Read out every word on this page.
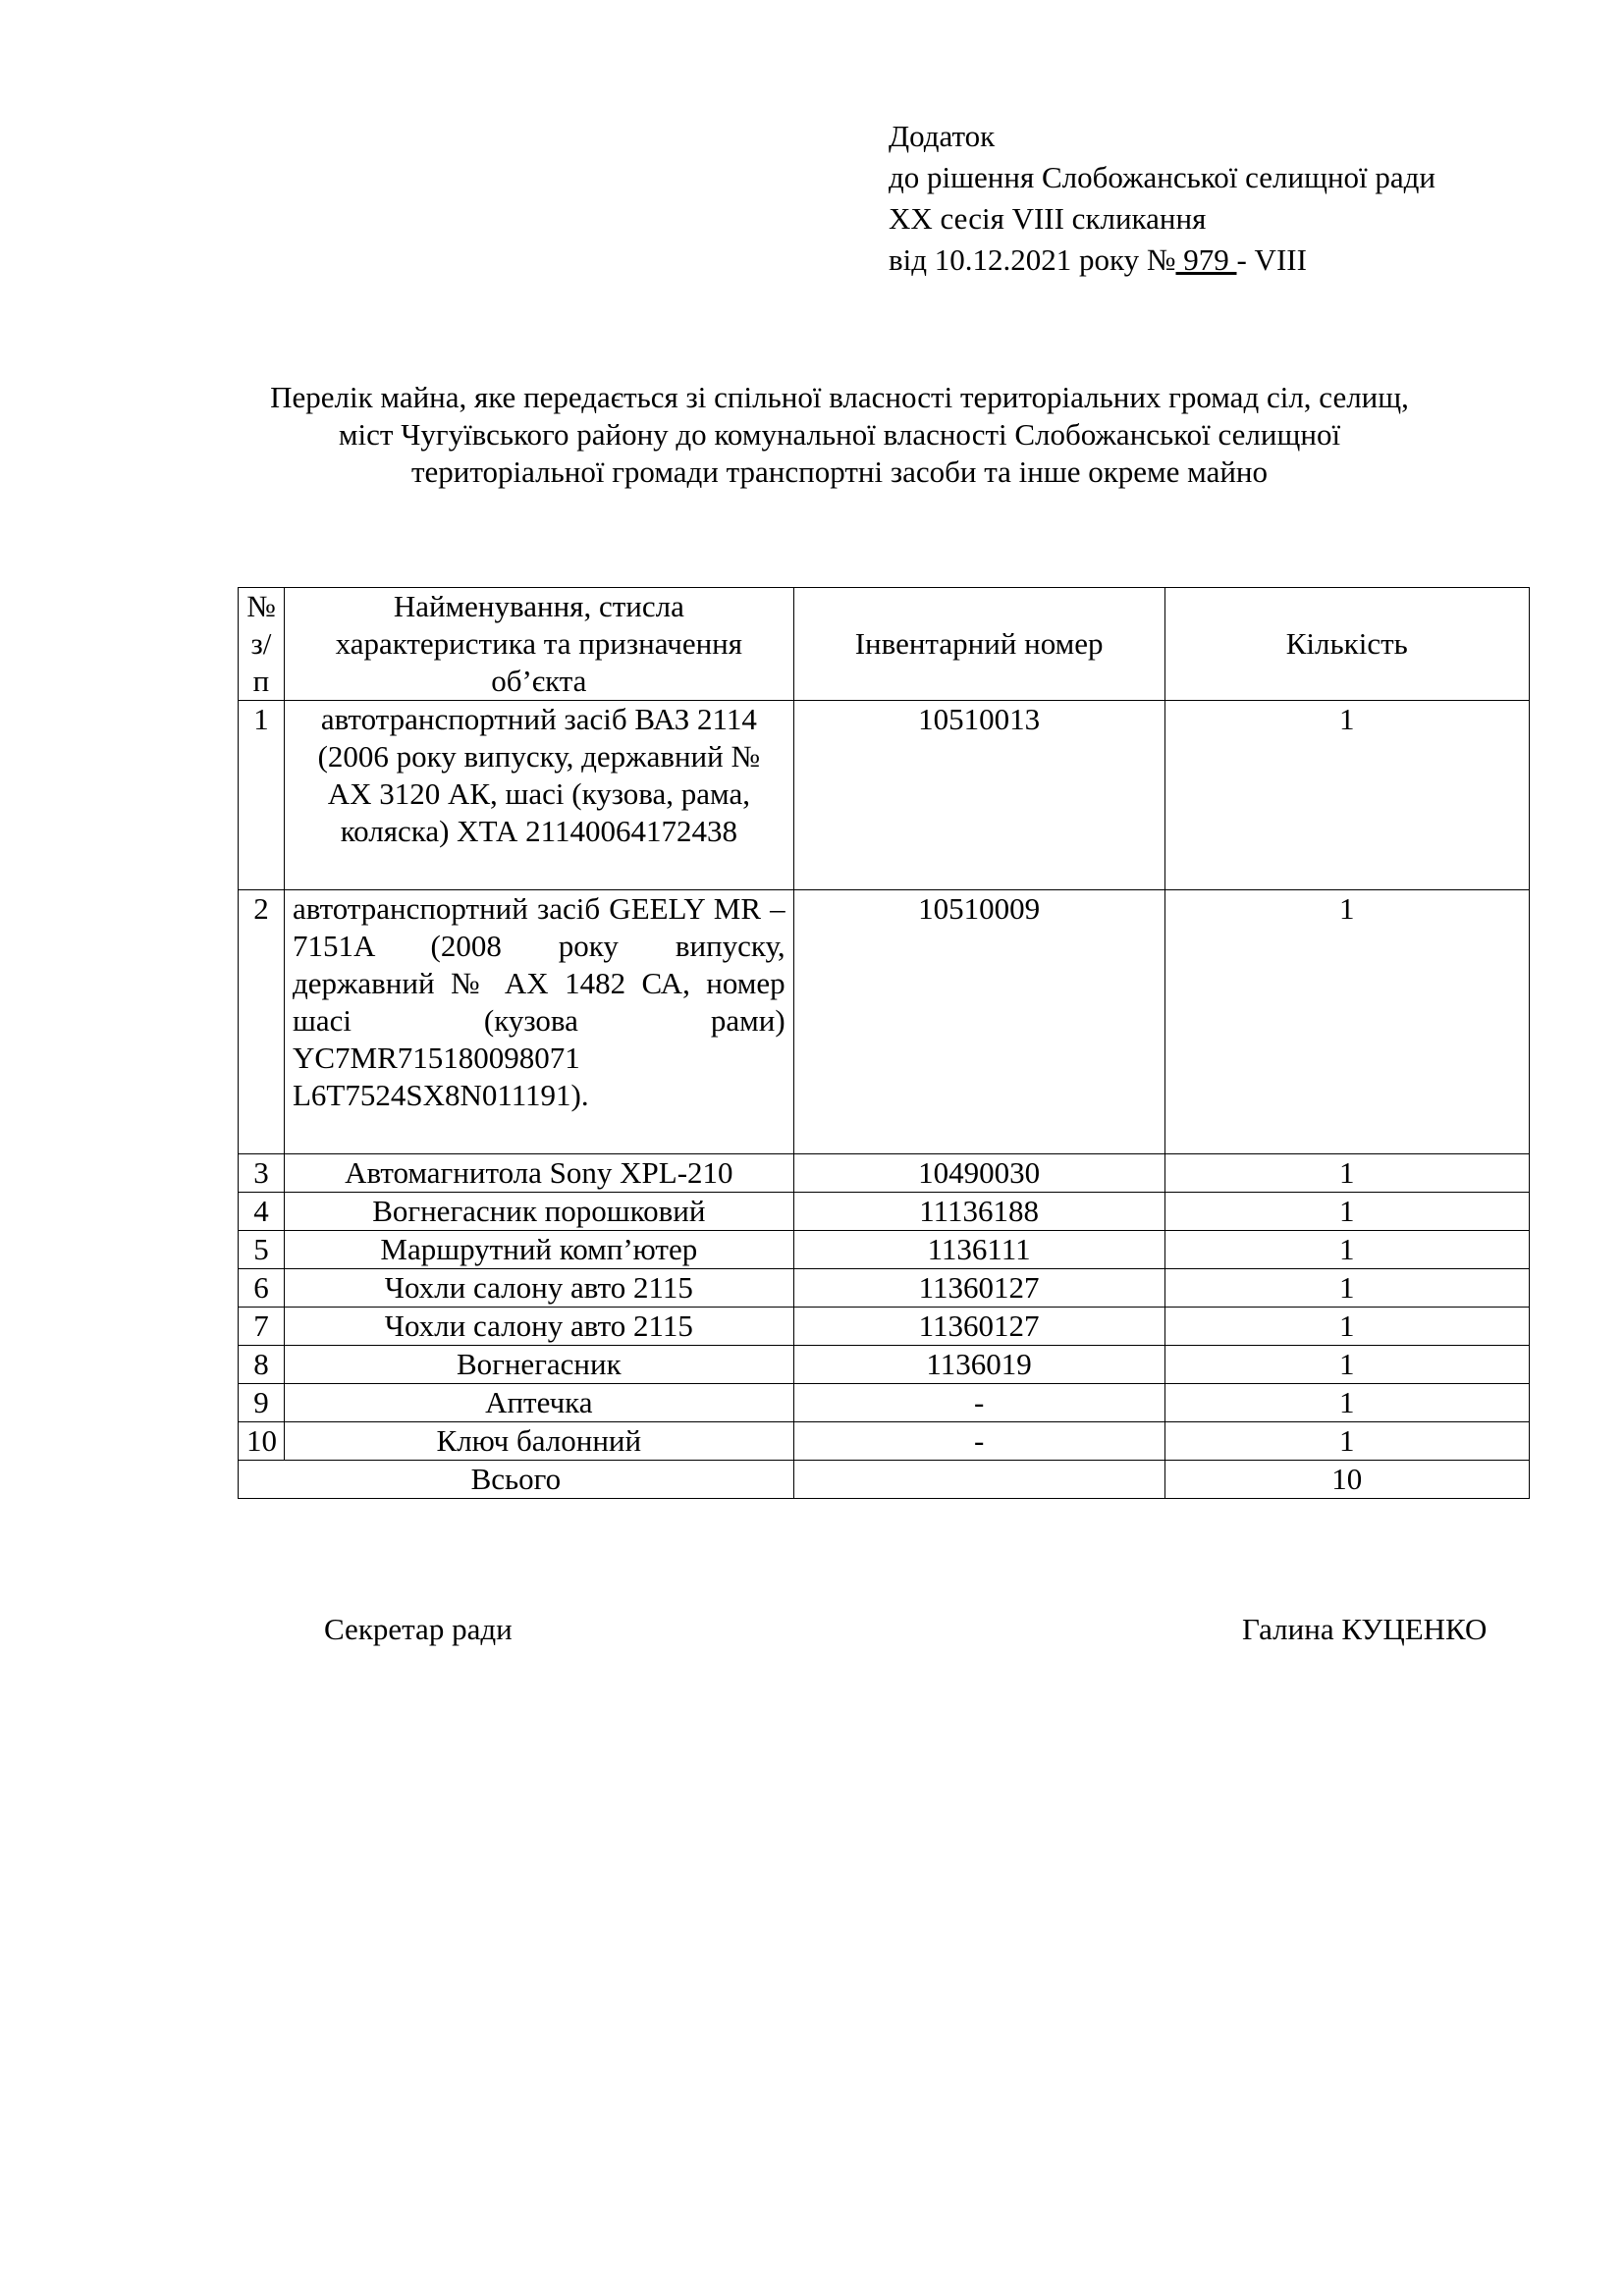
Додаток
до рішення Слобожанської селищної ради
XX сесія VIII скликання
від 10.12.2021 року № 979 - VIII
Перелік майна, яке передається зі спільної власності територіальних громад сіл, селищ,
міст Чугуївського району до комунальної власності Слобожанської селищної
територіальної громади транспортні засоби та інше окреме майно
№ з/п	Найменування, стисла характеристика та призначення об’єкта	Інвентарний номер	Кількість
1	автотранспортний засіб ВАЗ 2114 (2006 року випуску, державний № АХ 3120 АК, шасі (кузова, рама, коляска) ХТА 21140064172438	10510013	1
2	автотранспортний засіб GEELY MR – 7151A (2008 року випуску, державний № АХ 1482 СА, номер шасі (кузова рами) YC7MR715180098071 L6T7524SX8N011191).	10510009	1
3	Автомагнитола Sony XPL-210	10490030	1
4	Вогнегасник порошковий	11136188	1
5	Маршрутний комп’ютер	1136111	1
6	Чохли салону авто 2115	11360127	1
7	Чохли салону авто 2115	11360127	1
8	Вогнегасник	1136019	1
9	Аптечка	-	1
10	Ключ балонний	-	1
Всього			10
Секретар ради	Галина КУЦЕНКО
